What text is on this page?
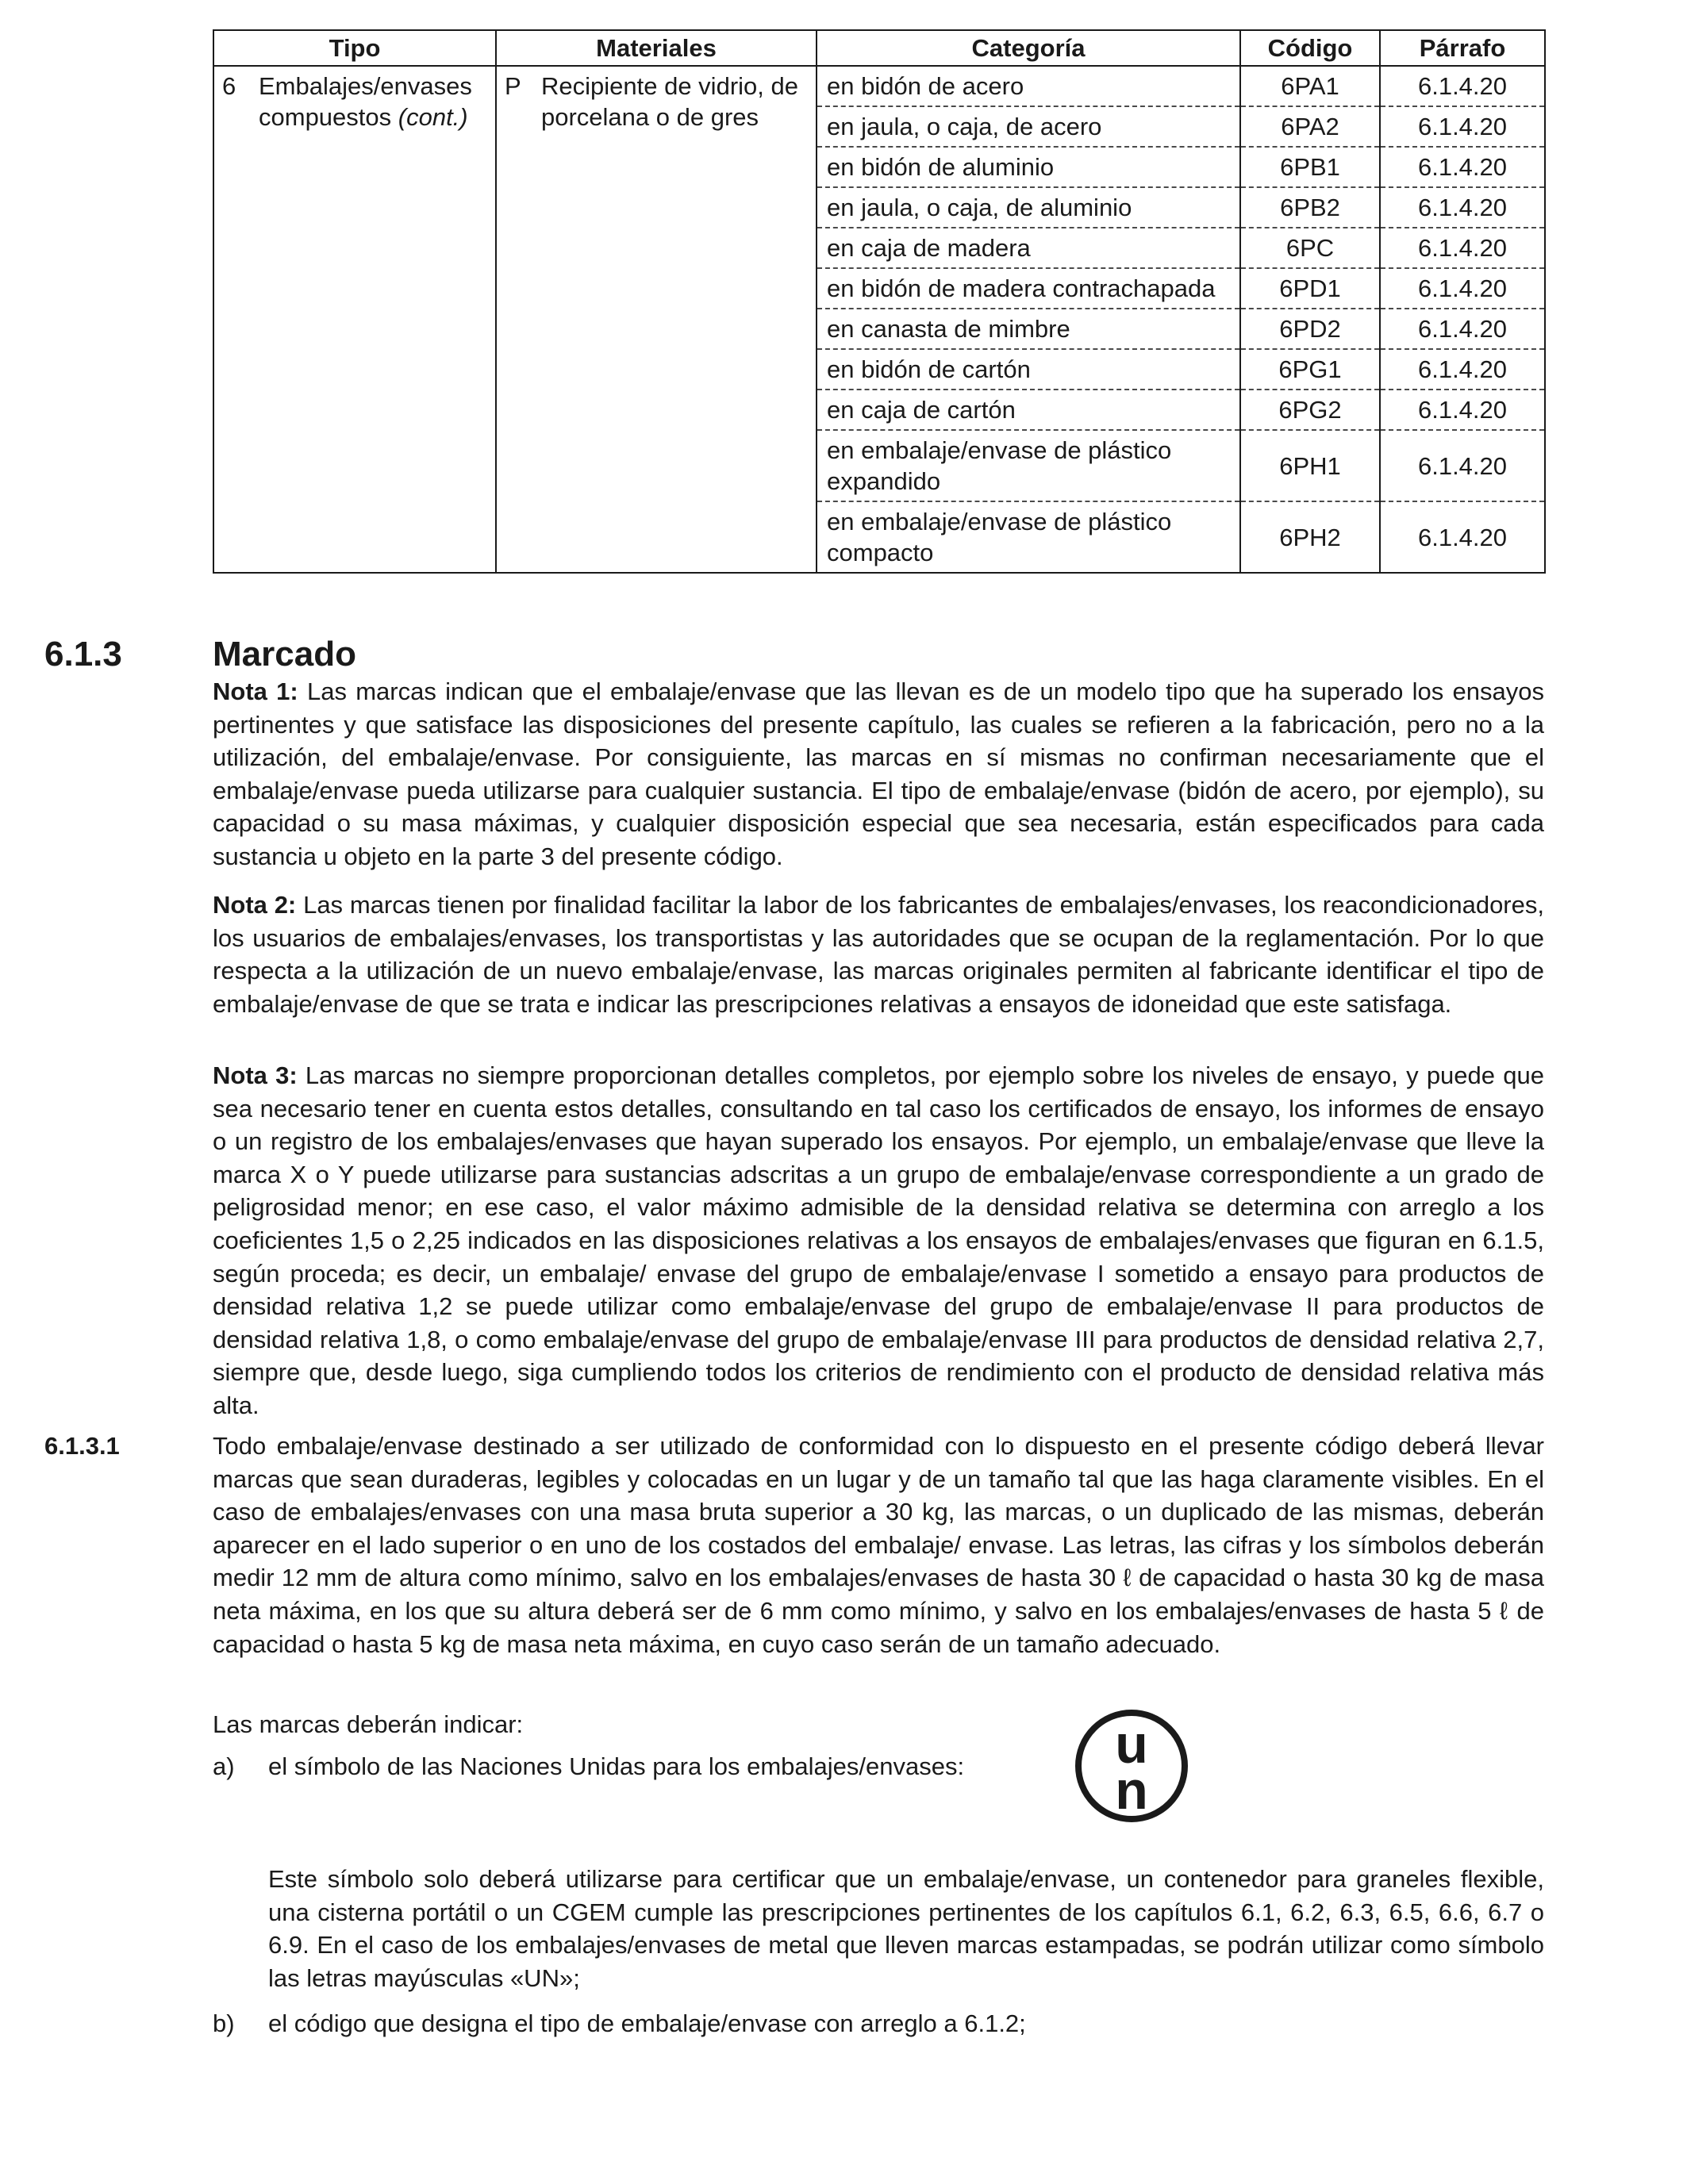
Tipo	Materiales	Categoría	Código	Párrafo

6 Embalajes/envases
compuestos (cont.)	P Recipiente de vidrio, de porcelana o de gres	en bidón de acero	6PA1	6.1.4.20
		en jaula, o caja, de acero	6PA2	6.1.4.20
		en bidón de aluminio	6PB1	6.1.4.20
		en jaula, o caja, de aluminio	6PB2	6.1.4.20
		en caja de madera	6PC	6.1.4.20
		en bidón de madera contrachapada	6PD1	6.1.4.20
		en canasta de mimbre	6PD2	6.1.4.20
		en bidón de cartón	6PG1	6.1.4.20
		en caja de cartón	6PG2	6.1.4.20
		en embalaje/envase de plástico expandido	6PH1	6.1.4.20
		en embalaje/envase de plástico compacto	6PH2	6.1.4.20
6.1.3	Marcado

Nota 1: Las marcas indican que el embalaje/envase que las llevan es de un modelo tipo que ha superado los ensayos pertinentes y que satisface las disposiciones del presente capítulo, las cuales se refieren a la fabricación, pero no a la utilización, del embalaje/envase. Por consiguiente, las marcas en sí mismas no confirman necesariamente que el embalaje/envase pueda utilizarse para cualquier sustancia. El tipo de embalaje/envase (bidón de acero, por ejemplo), su capacidad o su masa máximas, y cualquier disposición especial que sea necesaria, están especificados para cada sustancia u objeto en la parte 3 del presente código.

Nota 2: Las marcas tienen por finalidad facilitar la labor de los fabricantes de embalajes/envases, los reacondicionadores, los usuarios de embalajes/envases, los transportistas y las autoridades que se ocupan de la reglamentación. Por lo que respecta a la utilización de un nuevo embalaje/envase, las marcas originales permiten al fabricante identificar el tipo de embalaje/envase de que se trata e indicar las prescripciones relativas a ensayos de idoneidad que este satisfaga.

Nota 3: Las marcas no siempre proporcionan detalles completos, por ejemplo sobre los niveles de ensayo, y puede que sea necesario tener en cuenta estos detalles, consultando en tal caso los certificados de ensayo, los informes de ensayo o un registro de los embalajes/envases que hayan superado los ensayos. Por ejemplo, un embalaje/envase que lleve la marca X o Y puede utilizarse para sustancias adscritas a un grupo de embalaje/envase correspondiente a un grado de peligrosidad menor; en ese caso, el valor máximo admisible de la densidad relativa se determina con arreglo a los coeficientes 1,5 o 2,25 indicados en las disposiciones relativas a los ensayos de embalajes/envases que figuran en 6.1.5, según proceda; es decir, un embalaje/ envase del grupo de embalaje/envase I sometido a ensayo para productos de densidad relativa 1,2 se puede utilizar como embalaje/envase del grupo de embalaje/envase II para productos de densidad relativa 1,8, o como embalaje/envase del grupo de embalaje/envase III para productos de densidad relativa 2,7, siempre que, desde luego, siga cumpliendo todos los criterios de rendimiento con el producto de densidad relativa más alta.

6.1.3.1	Todo embalaje/envase destinado a ser utilizado de conformidad con lo dispuesto en el presente código deberá llevar marcas que sean duraderas, legibles y colocadas en un lugar y de un tamaño tal que las haga claramente visibles. En el caso de embalajes/envases con una masa bruta superior a 30 kg, las marcas, o un duplicado de las mismas, deberán aparecer en el lado superior o en uno de los costados del embalaje/ envase. Las letras, las cifras y los símbolos deberán medir 12 mm de altura como mínimo, salvo en los embalajes/envases de hasta 30 ℓ de capacidad o hasta 30 kg de masa neta máxima, en los que su altura deberá ser de 6 mm como mínimo, y salvo en los embalajes/envases de hasta 5 ℓ de capacidad o hasta 5 kg de masa neta máxima, en cuyo caso serán de un tamaño adecuado.

Las marcas deberán indicar:
a) el símbolo de las Naciones Unidas para los embalajes/envases:	u
n

Este símbolo solo deberá utilizarse para certificar que un embalaje/envase, un contenedor para graneles flexible, una cisterna portátil o un CGEM cumple las prescripciones pertinentes de los capítulos 6.1, 6.2, 6.3, 6.5, 6.6, 6.7 o 6.9. En el caso de los embalajes/envases de metal que lleven marcas estampadas, se podrán utilizar como símbolo las letras mayúsculas «UN»;

b) el código que designa el tipo de embalaje/envase con arreglo a 6.1.2;
